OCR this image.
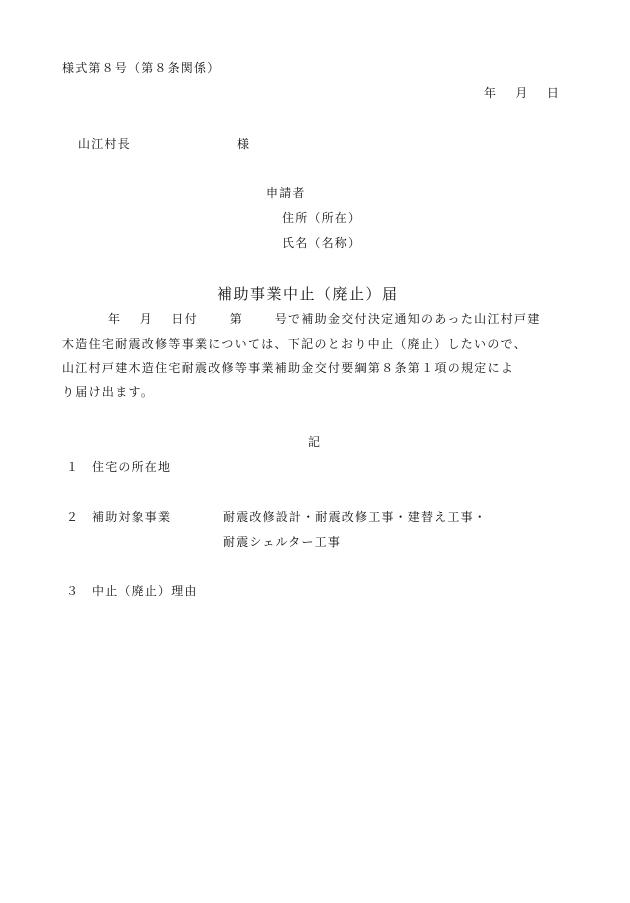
様式第８号（第８条関係）
年　 月　 日
山江村長	様
申請者
住所（所在）
氏名（名称）
補助事業中止（廃止）届
年　 月　 日付　　 第　　 号で補助金交付決定通知のあった山江村戸建
木造住宅耐震改修等事業については、下記のとおり中止（廃止）したいので、
山江村戸建木造住宅耐震改修等事業補助金交付要綱第８条第１項の規定によ
り届け出ます。
記
１ 住宅の所在地
２ 補助対象事業	耐震改修設計・耐震改修工事・建替え工事・
耐震シェルター工事
３ 中止（廃止）理由
